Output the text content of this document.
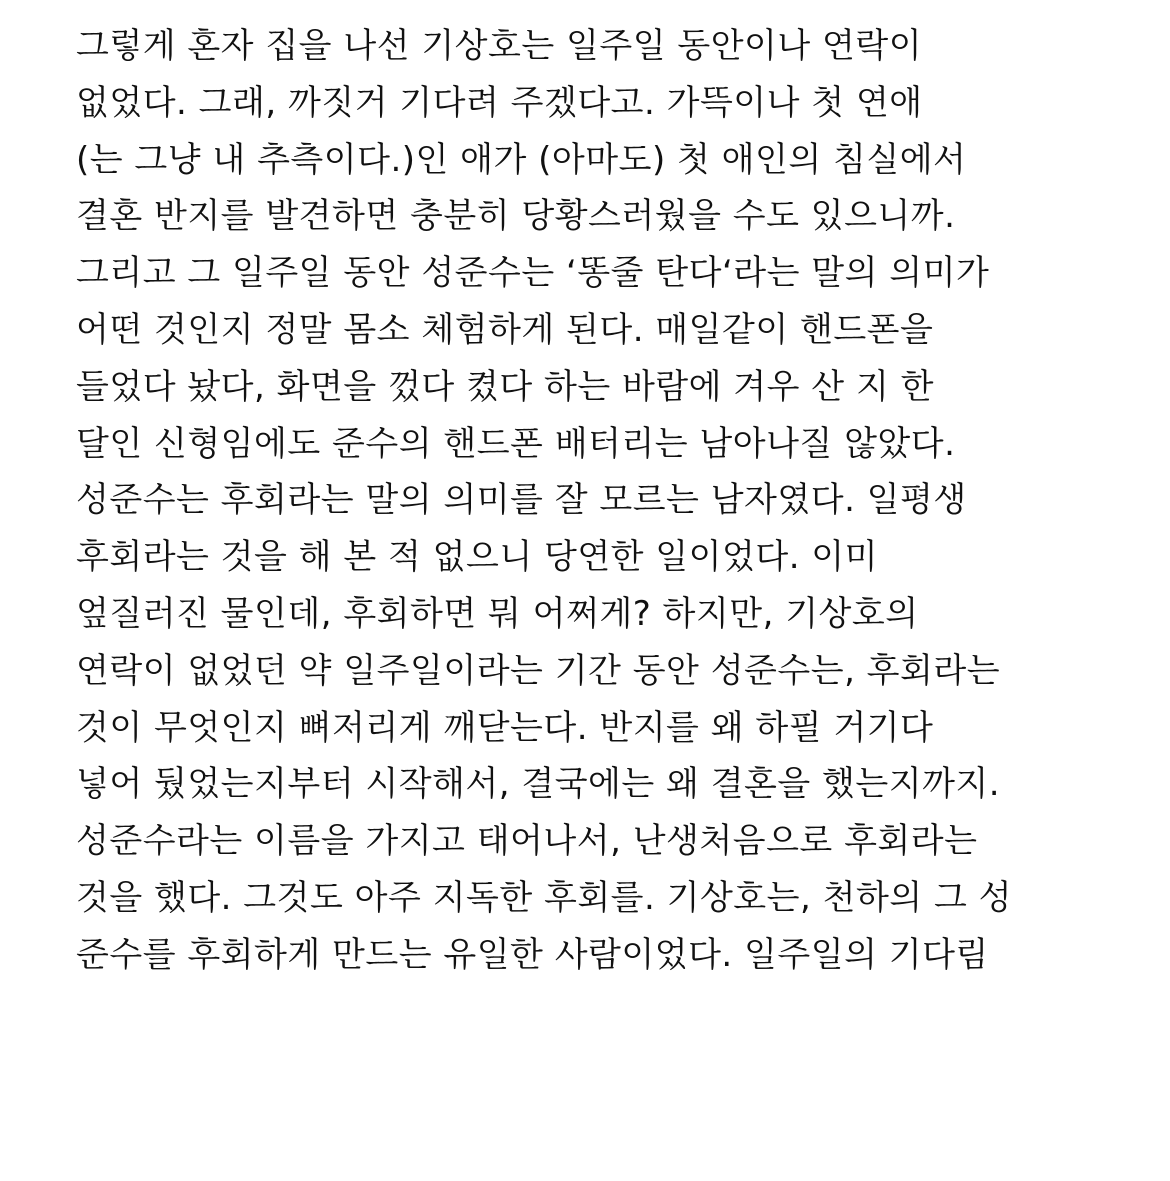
그렇게 혼자 집을 나선 기상호는 일주일 동안이나 연락이
없었다. 그래, 까짓거 기다려 주겠다고. 가뜩이나 첫 연애
(는 그냥 내 추측이다.)인 애가 (아마도) 첫 애인의 침실에서
결혼 반지를 발견하면 충분히 당황스러웠을 수도 있으니까.
그리고 그 일주일 동안 성준수는 ‘똥줄 탄다‘라는 말의 의미가
어떤 것인지 정말 몸소 체험하게 된다. 매일같이 핸드폰을
들었다 놨다, 화면을 껐다 켰다 하는 바람에 겨우 산 지 한
달인 신형임에도 준수의 핸드폰 배터리는 남아나질 않았다.
성준수는 후회라는 말의 의미를 잘 모르는 남자였다. 일평생
후회라는 것을 해 본 적 없으니 당연한 일이었다. 이미
엎질러진 물인데, 후회하면 뭐 어쩌게? 하지만, 기상호의
연락이 없었던 약 일주일이라는 기간 동안 성준수는, 후회라는
것이 무엇인지 뼈저리게 깨닫는다. 반지를 왜 하필 거기다
넣어 뒀었는지부터 시작해서, 결국에는 왜 결혼을 했는지까지.
성준수라는 이름을 가지고 태어나서, 난생처음으로 후회라는
것을 했다. 그것도 아주 지독한 후회를. 기상호는, 천하의 그 성
준수를 후회하게 만드는 유일한 사람이었다. 일주일의 기다림
